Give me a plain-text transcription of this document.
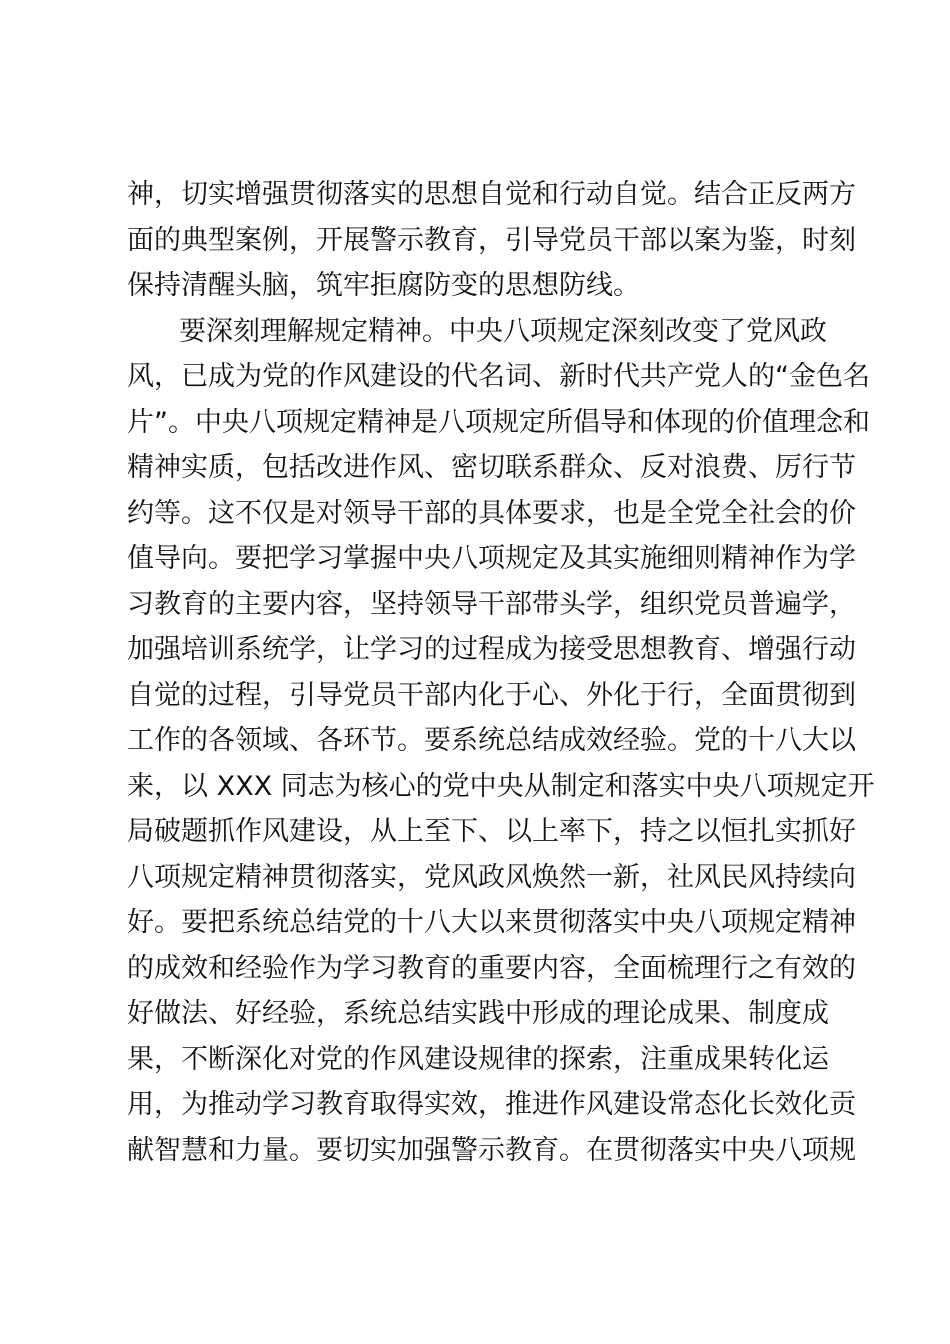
神，切实增强贯彻落实的思想自觉和行动自觉。结合正反两方
面的典型案例，开展警示教育，引导党员干部以案为鉴，时刻
保持清醒头脑，筑牢拒腐防变的思想防线。
要深刻理解规定精神。中央八项规定深刻改变了党风政
风，已成为党的作风建设的代名词、新时代共产党人的“金色名
片”。中央八项规定精神是八项规定所倡导和体现的价值理念和
精神实质，包括改进作风、密切联系群众、反对浪费、厉行节
约等。这不仅是对领导干部的具体要求，也是全党全社会的价
值导向。要把学习掌握中央八项规定及其实施细则精神作为学
习教育的主要内容，坚持领导干部带头学，组织党员普遍学，
加强培训系统学，让学习的过程成为接受思想教育、增强行动
自觉的过程，引导党员干部内化于心、外化于行，全面贯彻到
工作的各领域、各环节。要系统总结成效经验。党的十八大以
来，以 XXX 同志为核心的党中央从制定和落实中央八项规定开
局破题抓作风建设，从上至下、以上率下，持之以恒扎实抓好
八项规定精神贯彻落实，党风政风焕然一新，社风民风持续向
好。要把系统总结党的十八大以来贯彻落实中央八项规定精神
的成效和经验作为学习教育的重要内容，全面梳理行之有效的
好做法、好经验，系统总结实践中形成的理论成果、制度成
果，不断深化对党的作风建设规律的探索，注重成果转化运
用，为推动学习教育取得实效，推进作风建设常态化长效化贡
献智慧和力量。要切实加强警示教育。在贯彻落实中央八项规
